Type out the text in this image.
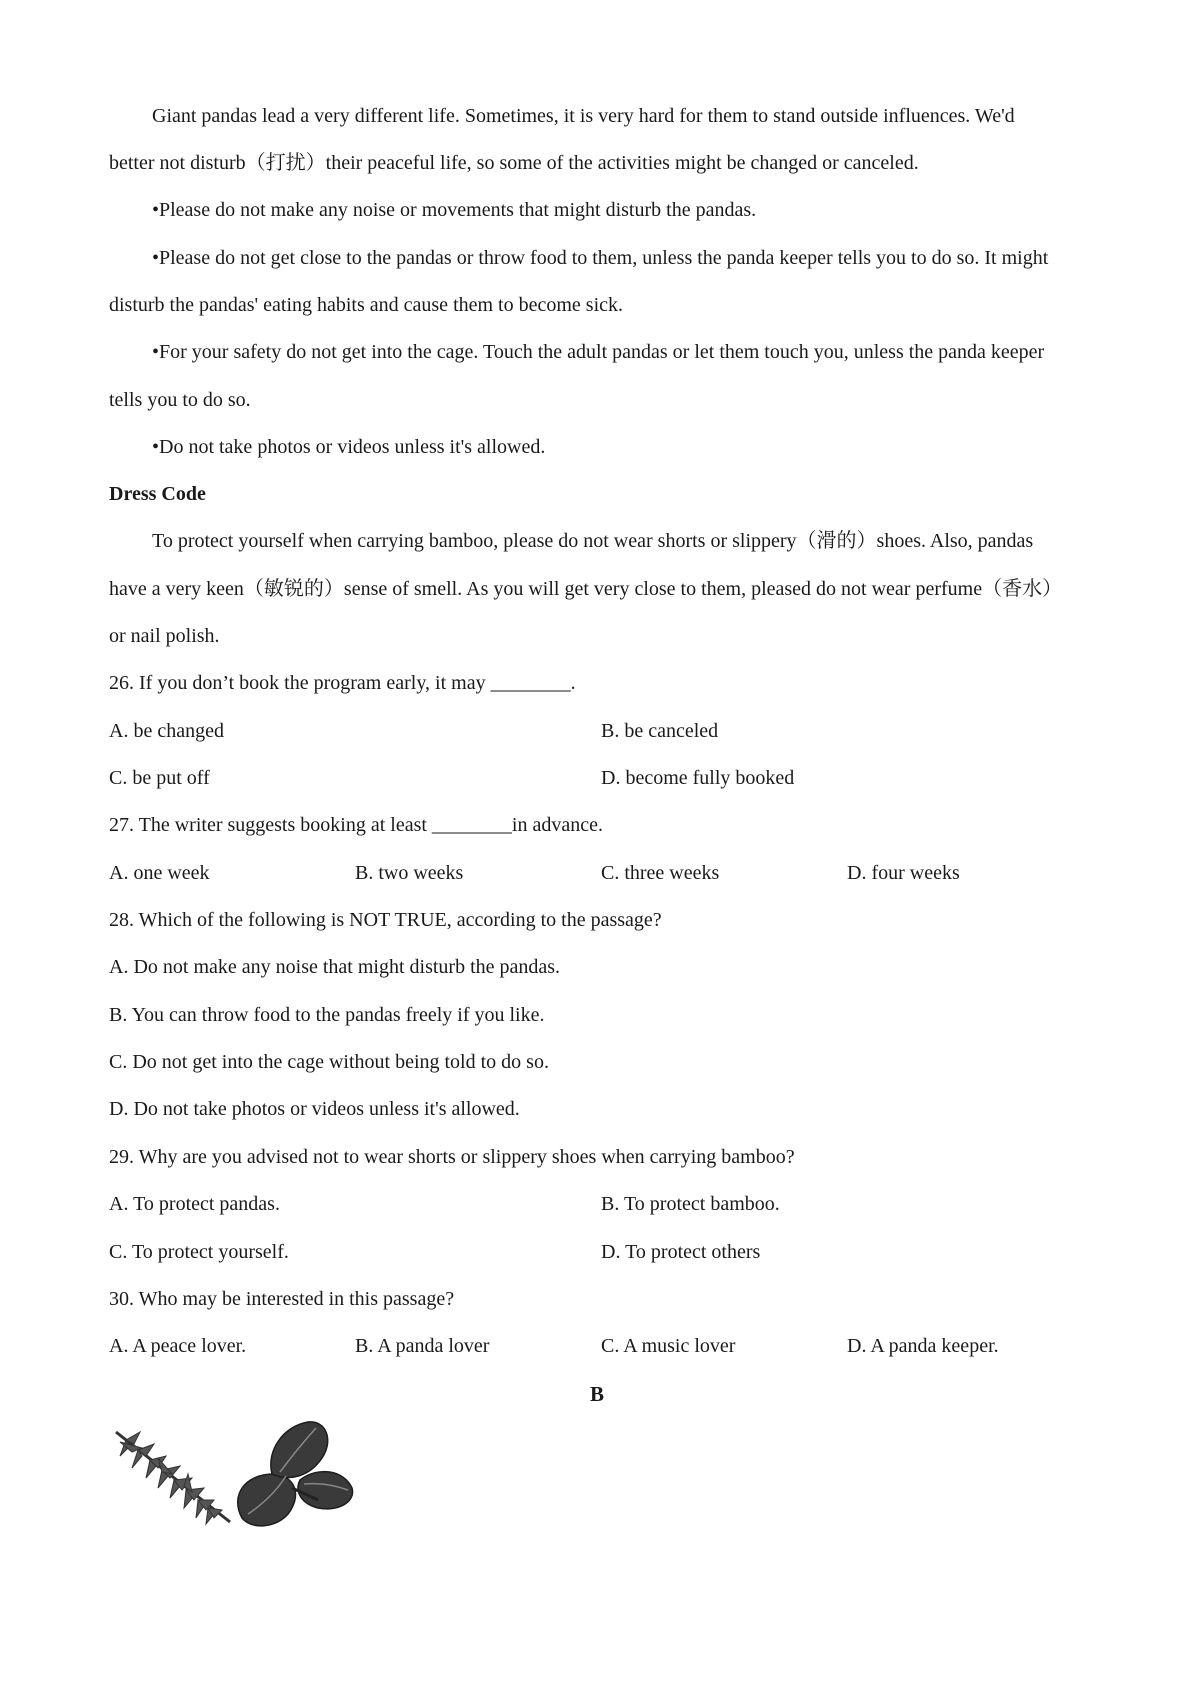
Giant pandas lead a very different life. Sometimes, it is very hard for them to stand outside influences. We'd
better not disturb（打扰）their peaceful life, so some of the activities might be changed or canceled.
•Please do not make any noise or movements that might disturb the pandas.
•Please do not get close to the pandas or throw food to them, unless the panda keeper tells you to do so. It might
disturb the pandas' eating habits and cause them to become sick.
•For your safety do not get into the cage. Touch the adult pandas or let them touch you, unless the panda keeper
tells you to do so.
•Do not take photos or videos unless it's allowed.
Dress Code
To protect yourself when carrying bamboo, please do not wear shorts or slippery（滑的）shoes. Also, pandas
have a very keen（敏锐的）sense of smell. As you will get very close to them, pleased do not wear perfume（香水）
or nail polish.
26. If you don’t book the program early, it may ________.
A. be changed	B. be canceled
C. be put off	D. become fully booked
27. The writer suggests booking at least ________in advance.
A. one week	B. two weeks	C. three weeks	D. four weeks
28. Which of the following is NOT TRUE, according to the passage?
A. Do not make any noise that might disturb the pandas.
B. You can throw food to the pandas freely if you like.
C. Do not get into the cage without being told to do so.
D. Do not take photos or videos unless it's allowed.
29. Why are you advised not to wear shorts or slippery shoes when carrying bamboo?
A. To protect pandas.	B. To protect bamboo.
C. To protect yourself.	D. To protect others
30. Who may be interested in this passage?
A. A peace lover.	B. A panda lover	C. A music lover	D. A panda keeper.
B
